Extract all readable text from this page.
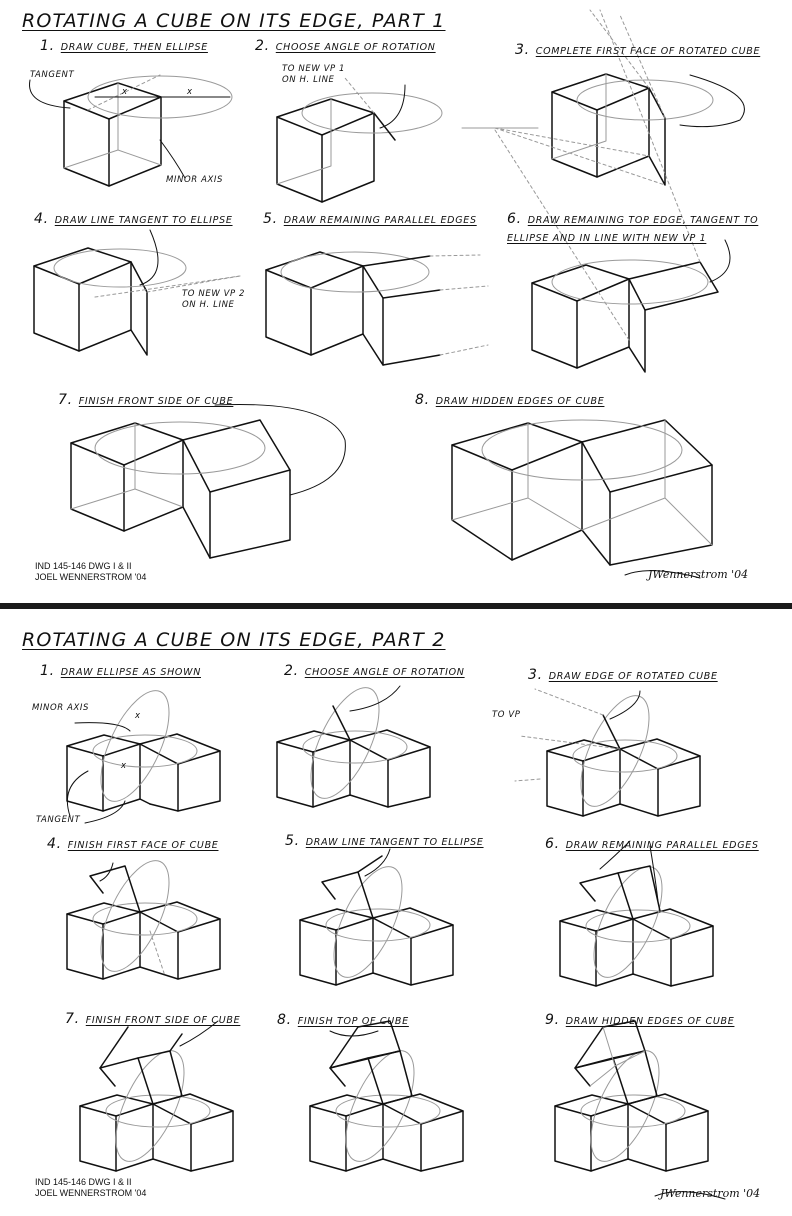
ROTATING A CUBE ON ITS EDGE, PART 1
1. DRAW CUBE, THEN ELLIPSE	2. CHOOSE ANGLE OF ROTATION	3. COMPLETE FIRST FACE OF ROTATED CUBE
4. DRAW LINE TANGENT TO ELLIPSE 5. DRAW REMAINING PARALLEL EDGES 6. DRAW REMAINING TOP EDGE, TANGENT TO
ELLIPSE AND IN LINE WITH NEW VP 1
7. FINISH FRONT SIDE OF CUBE	8. DRAW HIDDEN EDGES OF CUBE
TANGENT
x	x
MINOR AXIS
TO NEW VP 1
ON H. LINE
TO NEW VP 2
ON H. LINE
IND 145-146 DWG I & II
JOEL WENNERSTROM '04	JWennerstrom '04
ROTATING A CUBE ON ITS EDGE, PART 2
1. DRAW ELLIPSE AS SHOWN	2. CHOOSE ANGLE OF ROTATION	3. DRAW EDGE OF ROTATED CUBE
4. FINISH FIRST FACE OF CUBE	5. DRAW LINE TANGENT TO ELLIPSE	6. DRAW REMAINING PARALLEL EDGES
7. FINISH FRONT SIDE OF CUBE	8. FINISH TOP OF CUBE	9. DRAW HIDDEN EDGES OF CUBE
MINOR AXIS
x
x
TANGENT
TO VP
IND 145-146 DWG I & II
JOEL WENNERSTROM '04	JWennerstrom '04
